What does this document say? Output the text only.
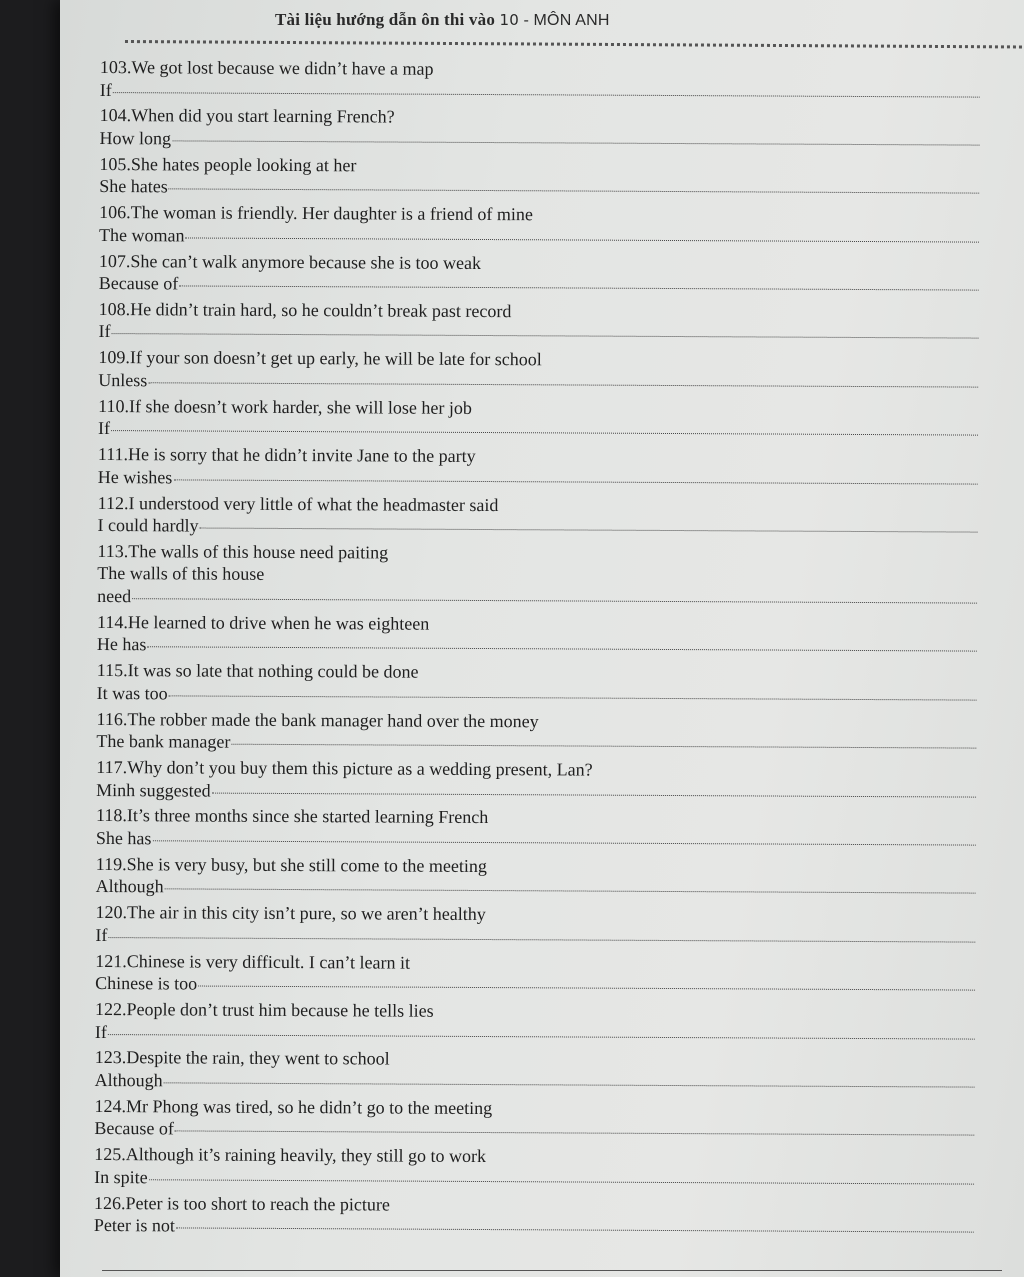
Tài liệu hướng dẫn ôn thi vào 10 - MÔN ANH
103.We got lost because we didn’t have a map
If
104.When did you start learning French?
How long
105.She hates people looking at her
She hates
106.The woman is friendly. Her daughter is a friend of mine
The woman
107.She can’t walk anymore because she is too weak
Because of
108.He didn’t train hard, so he couldn’t break past record
If
109.If your son doesn’t get up early, he will be late for school
Unless
110.If she doesn’t work harder, she will lose her job
If
111.He is sorry that he didn’t invite Jane to the party
He wishes
112.I understood very little of what the headmaster said
I could hardly
113.The walls of this house need paiting
The walls of this house
need
114.He learned to drive when he was eighteen
He has
115.It was so late that nothing could be done
It was too
116.The robber made the bank manager hand over the money
The bank manager
117.Why don’t you buy them this picture as a wedding present, Lan?
Minh suggested
118.It’s three months since she started learning French
She has
119.She is very busy, but she still come to the meeting
Although
120.The air in this city isn’t pure, so we aren’t healthy
If
121.Chinese is very difficult. I can’t learn it
Chinese is too
122.People don’t trust him because he tells lies
If
123.Despite the rain, they went to school
Although
124.Mr Phong was tired, so he didn’t go to the meeting
Because of
125.Although it’s raining heavily, they still go to work
In spite
126.Peter is too short to reach the picture
Peter is not
